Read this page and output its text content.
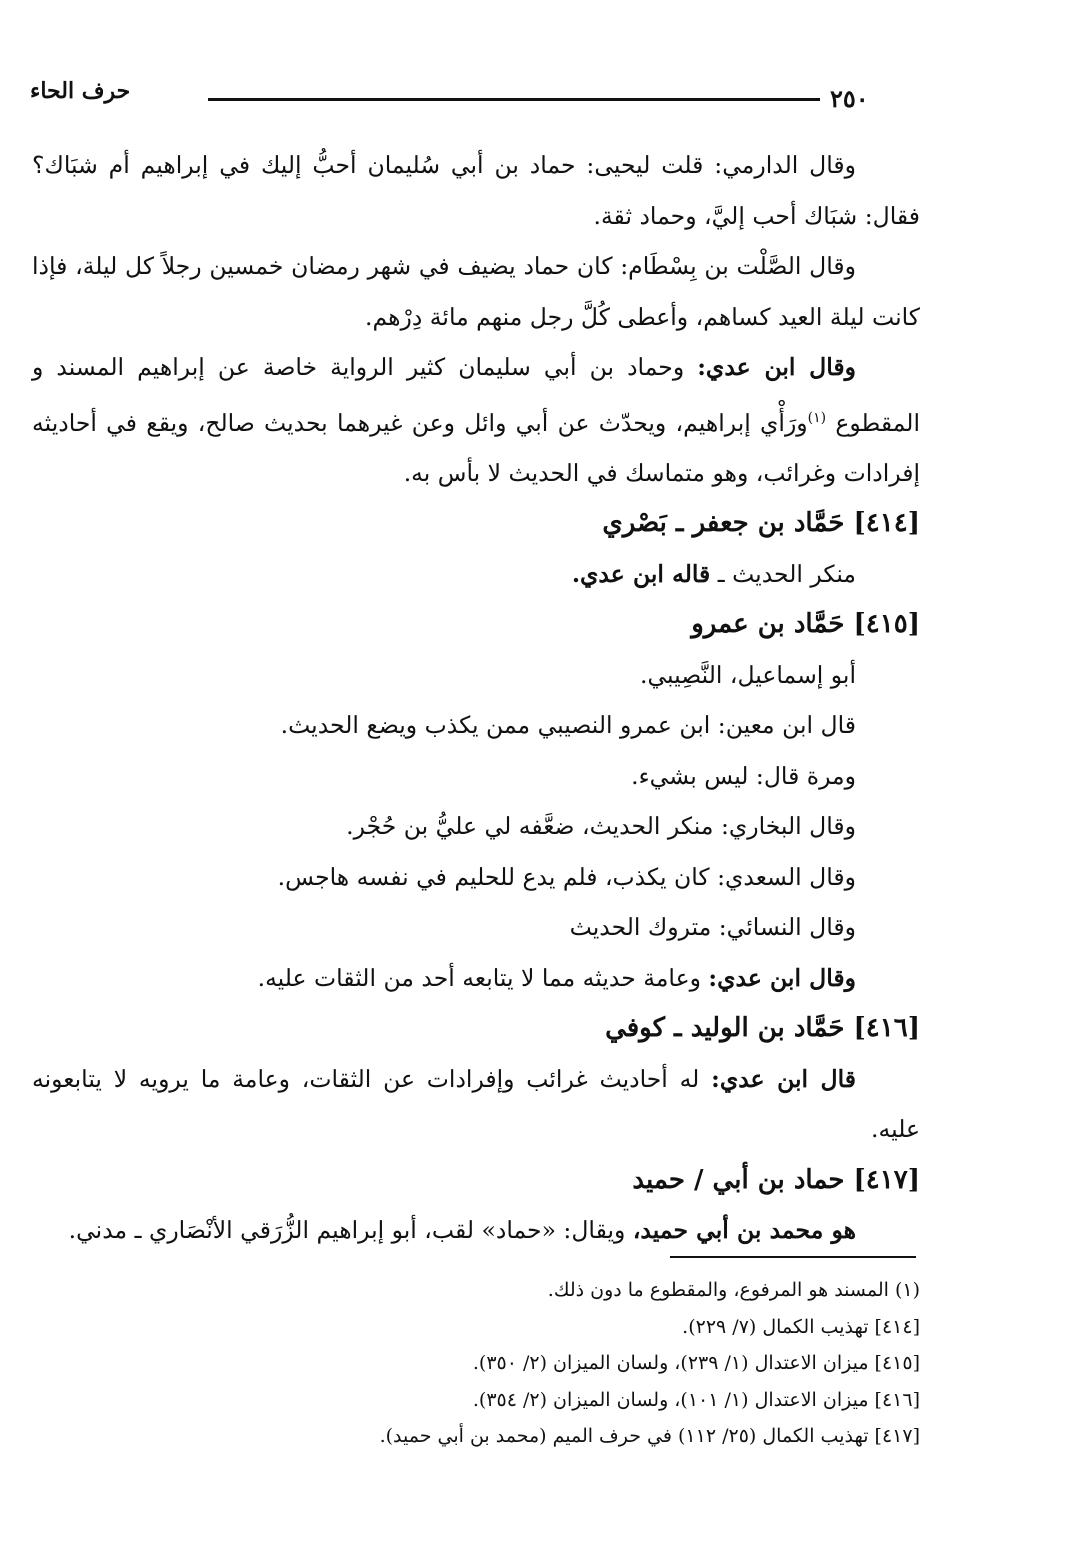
٢٥٠
حرف الحاء

وقال الدارمي: قلت ليحيى: حماد بن أبي سُليمان أحبُّ إليك في إبراهيم أم شبَاك؟ فقال: شبَاك أحب إليَّ، وحماد ثقة.

وقال الصَّلْت بن بِسْطَام: كان حماد يضيف في شهر رمضان خمسين رجلاً كل ليلة، فإذا كانت ليلة العيد كساهم، وأعطى كُلَّ رجل منهم مائة دِرْهم.

وقال ابن عدي: وحماد بن أبي سليمان كثير الرواية خاصة عن إبراهيم المسند و المقطوع $^{(١)}$ورَأْي إبراهيم، ويحدّث عن أبي وائل وعن غيرهما بحديث صالح، ويقع في أحاديثه إفرادات وغرائب، وهو متماسك في الحديث لا بأس به.

[٤١٤] حَمَّاد بن جعفر ـ بَصْري

منكر الحديث ـ قاله ابن عدي.

[٤١٥] حَمَّاد بن عمرو

أبو إسماعيل، النَّصِيبي.

قال ابن معين: ابن عمرو النصيبي ممن يكذب ويضع الحديث.

ومرة قال: ليس بشيء.

وقال البخاري: منكر الحديث، ضعَّفه لي عليُّ بن حُجْر.

وقال السعدي: كان يكذب، فلم يدع للحليم في نفسه هاجس.

وقال النسائي: متروك الحديث

وقال ابن عدي: وعامة حديثه مما لا يتابعه أحد من الثقات عليه.

[٤١٦] حَمَّاد بن الوليد ـ كوفي

قال ابن عدي: له أحاديث غرائب وإفرادات عن الثقات، وعامة ما يرويه لا يتابعونه عليه.

[٤١٧] حماد بن أبي / حميد

هو محمد بن أبي حميد، ويقال: «حماد» لقب، أبو إبراهيم الزُّرَقي الأنْصَاري ـ مدني.

(١) المسند هو المرفوع، والمقطوع ما دون ذلك.

[٤١٤] تهذيب الكمال (٧/ ٢٢٩).

[٤١٥] ميزان الاعتدال (١/ ٢٣٩)، ولسان الميزان (٢/ ٣٥٠).

[٤١٦] ميزان الاعتدال (١/ ١٠١)، ولسان الميزان (٢/ ٣٥٤).

[٤١٧] تهذيب الكمال (٢٥/ ١١٢) في حرف الميم (محمد بن أبي حميد).
